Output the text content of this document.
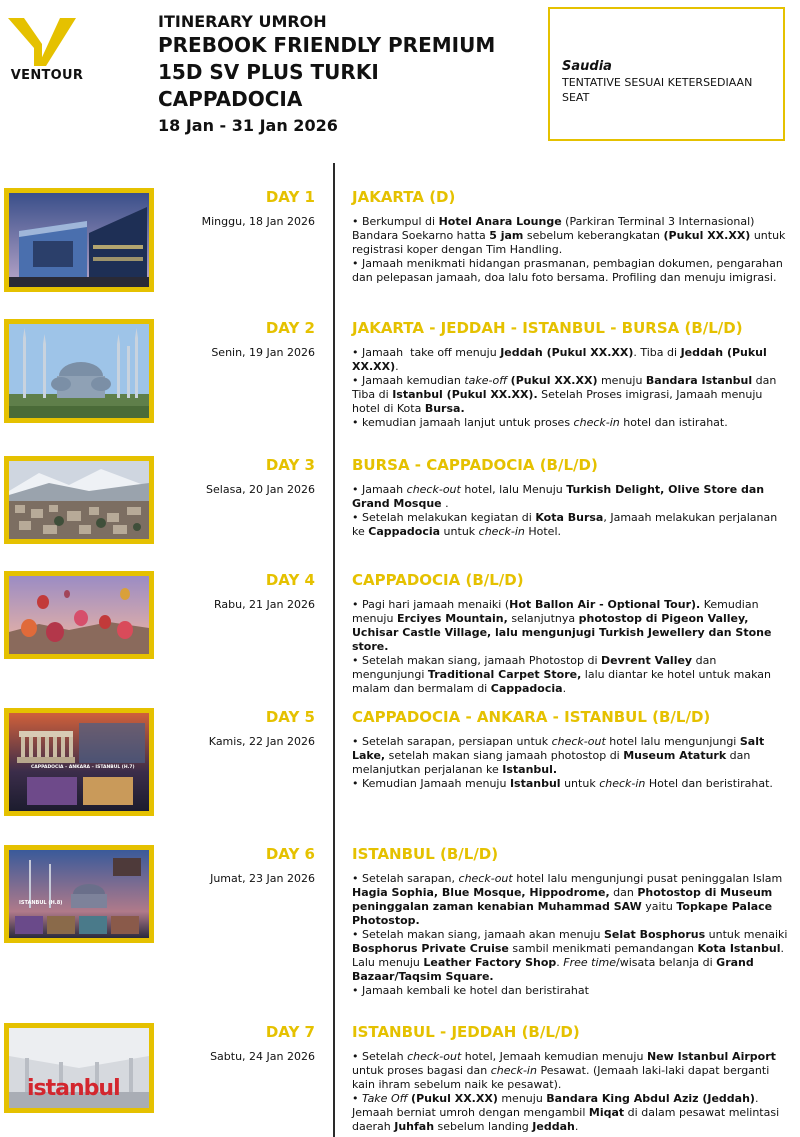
VENTOUR
ITINERARY UMROH
PREBOOK FRIENDLY PREMIUM
15D SV PLUS TURKI
CAPPADOCIA
18 Jan - 31 Jan 2026
Saudia
TENTATIVE SESUAI KETERSEDIAAN SEAT
DAY 1
Minggu, 18 Jan 2026
JAKARTA (D)

• Berkumpul di Hotel Anara Lounge (Parkiran Terminal 3 Internasional) Bandara Soekarno hatta 5 jam sebelum keberangkatan (Pukul XX.XX) untuk registrasi koper dengan Tim Handling.

• Jamaah menikmati hidangan prasmanan, pembagian dokumen, pengarahan dan pelepasan jamaah, doa lalu foto bersama. Profiling dan menuju imigrasi.

DAY 2
Senin, 19 Jan 2026
JAKARTA - JEDDAH - ISTANBUL - BURSA (B/L/D)

• Jamaah  take off menuju Jeddah (Pukul XX.XX). Tiba di Jeddah (Pukul XX.XX).

• Jamaah kemudian take-off (Pukul XX.XX) menuju Bandara Istanbul dan Tiba di Istanbul (Pukul XX.XX). Setelah Proses imigrasi, Jamaah menuju hotel di Kota Bursa.

• kemudian jamaah lanjut untuk proses check-in hotel dan istirahat.

DAY 3
Selasa, 20 Jan 2026
BURSA - CAPPADOCIA (B/L/D)

• Jamaah check-out hotel, lalu Menuju Turkish Delight, Olive Store dan Grand Mosque .

• Setelah melakukan kegiatan di Kota Bursa, Jamaah melakukan perjalanan ke Cappadocia untuk check-in Hotel.

DAY 4
Rabu, 21 Jan 2026
CAPPADOCIA (B/L/D)

• Pagi hari jamaah menaiki (Hot Ballon Air - Optional Tour). Kemudian menuju Erciyes Mountain, selanjutnya photostop di Pigeon Valley, Uchisar Castle Village, lalu mengunjugi Turkish Jewellery dan Stone store.

• Setelah makan siang, jamaah Photostop di Devrent Valley dan mengunjungi Traditional Carpet Store, lalu diantar ke hotel untuk makan malam dan bermalam di Cappadocia.

CAPPADOCIA – ANKARA – ISTANBUL (H.7)
DAY 5
Kamis, 22 Jan 2026
CAPPADOCIA - ANKARA - ISTANBUL (B/L/D)

• Setelah sarapan, persiapan untuk check-out hotel lalu mengunjungi Salt Lake, setelah makan siang jamaah photostop di Museum Ataturk dan melanjutkan perjalanan ke Istanbul.

• Kemudian Jamaah menuju Istanbul untuk check-in Hotel dan beristirahat.

ISTANBUL (H.8)
DAY 6
Jumat, 23 Jan 2026
ISTANBUL (B/L/D)

• Setelah sarapan, check-out hotel lalu mengunjungi pusat peninggalan Islam Hagia Sophia, Blue Mosque, Hippodrome, dan Photostop di Museum peninggalan zaman kenabian Muhammad SAW yaitu Topkape Palace Photostop.

• Setelah makan siang, jamaah akan menuju Selat Bosphorus untuk menaiki Bosphorus Private Cruise sambil menikmati pemandangan Kota Istanbul. Lalu menuju Leather Factory Shop. Free time/wisata belanja di Grand Bazaar/Taqsim Square.

• Jamaah kembali ke hotel dan beristirahat

istanbul
DAY 7
Sabtu, 24 Jan 2026
ISTANBUL - JEDDAH (B/L/D)

• Setelah check-out hotel, Jemaah kemudian menuju New Istanbul Airport untuk proses bagasi dan check-in Pesawat. (Jemaah laki-laki dapat berganti kain ihram sebelum naik ke pesawat).

• Take Off (Pukul XX.XX) menuju Bandara King Abdul Aziz (Jeddah). Jemaah berniat umroh dengan mengambil Miqat di dalam pesawat melintasi daerah Juhfah sebelum landing Jeddah.
